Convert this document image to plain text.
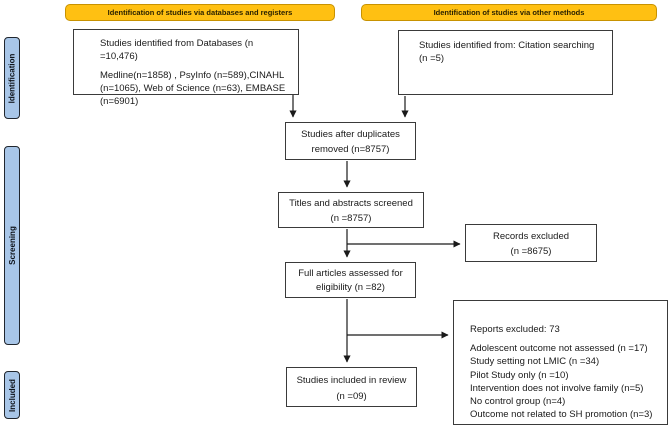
Identification of studies via databases and registers	Identification of studies via other methods
Identification
Screening
Included

Studies identified from Databases (n =10,476)

Medline(n=1858) , PsyInfo (n=589),CINAHL (n=1065), Web of Science (n=63), EMBASE (n=6901)

Studies identified from: Citation searching

(n =5)

Studies after duplicates

removed (n=8757)

Titles and abstracts screened

(n =8757)

Records excluded

(n =8675)

Full articles assessed for

eligibility (n =82)

Reports excluded: 73

Adolescent outcome not assessed (n =17)

Study setting not LMIC (n =34)

Pilot Study only (n =10)

Intervention does not involve family (n=5)

No control group (n=4)

Outcome not related to SH promotion (n=3)

Studies included in review

(n =09)
